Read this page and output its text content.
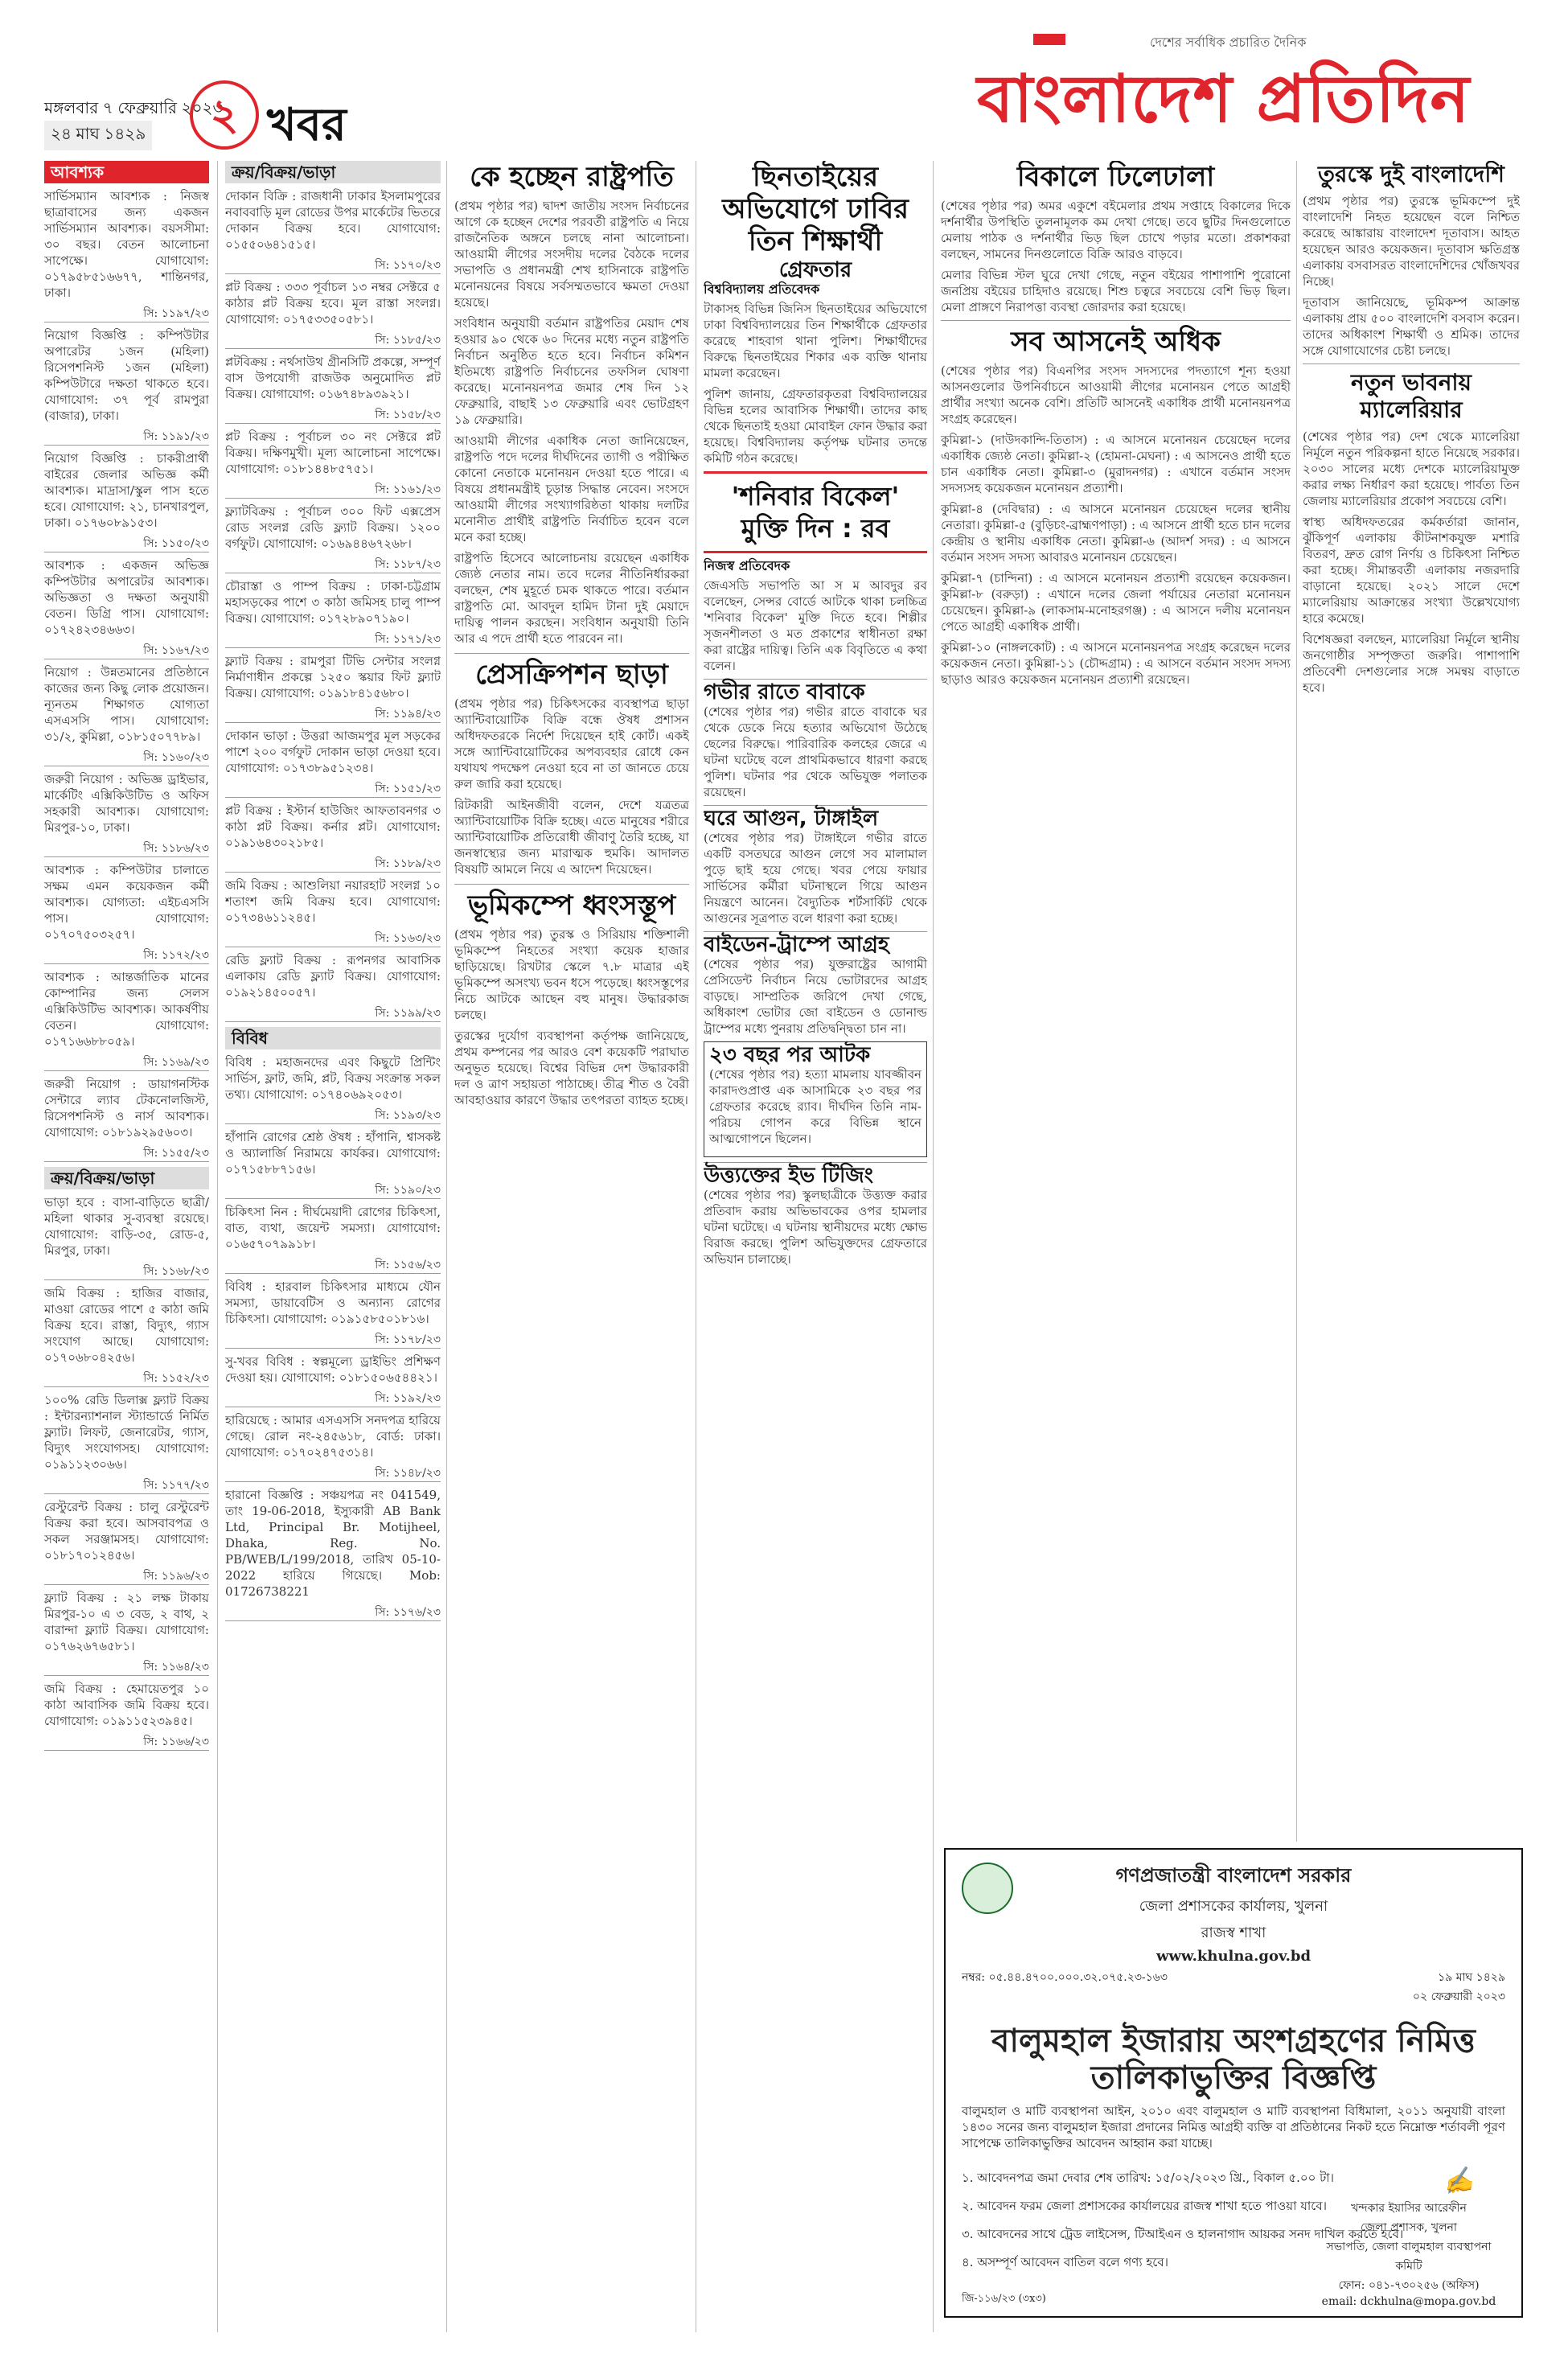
মঙ্গলবার ৭ ফেব্রুয়ারি ২০২৩
২৪ মাঘ ১৪২৯	২ খবর
দেশের সর্বাধিক প্রচারিত দৈনিক
বাংলাদেশ প্রতিদিন
আবশ্যক

সার্ভিসম্যান আবশ্যক : নিজস্ব ছাত্রাবাসের জন্য একজন সার্ভিসম্যান আবশ্যক। বয়সসীমা: ৩০ বছর। বেতন আলোচনা সাপেক্ষে। যোগাযোগ: ০১৭৯৫৮৫১৬৬৭৭, শান্তিনগর, ঢাকা।

সি: ১১৯৭/২৩

নিয়োগ বিজ্ঞপ্তি : কম্পিউটার অপারেটর ১জন (মহিলা) রিসেপশনিস্ট ১জন (মহিলা) কম্পিউটারে দক্ষতা থাকতে হবে। যোগাযোগ: ৩৭ পূর্ব রামপুরা (বাজার), ঢাকা।

সি: ১১৯১/২৩

নিয়োগ বিজ্ঞপ্তি : চাকরীপ্রার্থী বাইরের জেলার অভিজ্ঞ কর্মী আবশ্যক। মাদ্রাসা/স্কুল পাস হতে হবে। যোগাযোগ: ২১, চানখারপুল, ঢাকা। ০১৭৬০৮৯১৫৩।

সি: ১১৫০/২৩

আবশ্যক : একজন অভিজ্ঞ কম্পিউটার অপারেটর আবশ্যক। অভিজ্ঞতা ও দক্ষতা অনুযায়ী বেতন। ডিগ্রি পাস। যোগাযোগ: ০১৭২৪২৩৪৬৬৩।

সি: ১১৬৭/২৩

নিয়োগ : উন্নতমানের প্রতিষ্ঠানে কাজের জন্য কিছু লোক প্রয়োজন। ন্যূনতম শিক্ষাগত যোগ্যতা এসএসসি পাস। যোগাযোগ: ৩১/২, কুমিল্লা, ০১৮১৫০৭৭৮৯।

সি: ১১৬০/২৩

জরুরী নিয়োগ : অভিজ্ঞ ড্রাইভার, মার্কেটিং এক্সিকিউটিভ ও অফিস সহকারী আবশ্যক। যোগাযোগ: মিরপুর-১০, ঢাকা।

সি: ১১৮৬/২৩

আবশ্যক : কম্পিউটার চালাতে সক্ষম এমন কয়েকজন কর্মী আবশ্যক। যোগ্যতা: এইচএসসি পাস। যোগাযোগ: ০১৭০৭৫০৩২৫৭।

সি: ১১৭২/২৩

আবশ্যক : আন্তর্জাতিক মানের কোম্পানির জন্য সেলস এক্সিকিউটিভ আবশ্যক। আকর্ষণীয় বেতন। যোগাযোগ: ০১৭১৬৬৮৮০৫৯।

সি: ১১৬৯/২৩

জরুরী নিয়োগ : ডায়াগনস্টিক সেন্টারে ল্যাব টেকনোলজিস্ট, রিসেপশনিস্ট ও নার্স আবশ্যক। যোগাযোগ: ০১৮১৯২৯৫৬০৩।

সি: ১১৫৫/২৩
ক্রয়/বিক্রয়/ভাড়া

ভাড়া হবে : বাসা-বাড়িতে ছাত্রী/মহিলা থাকার সু-ব্যবস্থা রয়েছে। যোগাযোগ: বাড়ি-৩৫, রোড-৫, মিরপুর, ঢাকা।

সি: ১১৬৮/২৩

জমি বিক্রয় : হাজির বাজার, মাওয়া রোডের পাশে ৫ কাঠা জমি বিক্রয় হবে। রাস্তা, বিদ্যুৎ, গ্যাস সংযোগ আছে। যোগাযোগ: ০১৭০৬৮০৪২৫৬।

সি: ১১৫২/২৩

১০০% রেডি ডিলাক্স ফ্ল্যাট বিক্রয় : ইন্টারন্যাশনাল স্ট্যান্ডার্ডে নির্মিত ফ্ল্যাট। লিফট, জেনারেটর, গ্যাস, বিদ্যুৎ সংযোগসহ। যোগাযোগ: ০১৯১১২৩০৬৬।

সি: ১১৭৭/২৩

রেস্টুরেন্ট বিক্রয় : চালু রেস্টুরেন্ট বিক্রয় করা হবে। আসবাবপত্র ও সকল সরঞ্জামসহ। যোগাযোগ: ০১৮১৭০১২৪৫৬।

সি: ১১৯৬/২৩

ফ্ল্যাট বিক্রয় : ২১ লক্ষ টাকায় মিরপুর-১০ এ ৩ বেড, ২ বাথ, ২ বারান্দা ফ্ল্যাট বিক্রয়। যোগাযোগ: ০১৭৬২৬৭৬৫৮১।

সি: ১১৬৪/২৩

জমি বিক্রয় : হেমায়েতপুর ১০ কাঠা আবাসিক জমি বিক্রয় হবে। যোগাযোগ: ০১৯১১৫২৩৯৪৫।

সি: ১১৬৬/২৩
ক্রয়/বিক্রয়/ভাড়া

দোকান বিক্রি : রাজধানী ঢাকার ইসলামপুরের নবাববাড়ি মূল রোডের উপর মার্কেটের ভিতরে দোকান বিক্রয় হবে। যোগাযোগ: ০১৫৫০৬৪১৫১৫।

সি: ১১৭০/২৩

প্লট বিক্রয় : ৩৩৩ পূর্বাচল ১৩ নম্বর সেক্টরে ৫ কাঠার প্লট বিক্রয় হবে। মূল রাস্তা সংলগ্ন। যোগাযোগ: ০১৭৫৩৩৫০৫৮১।

সি: ১১৮৫/২৩

প্লটবিক্রয় : নর্থসাউথ গ্রীনসিটি প্রকল্পে, সম্পূর্ণ বাস উপযোগী রাজউক অনুমোদিত প্লট বিক্রয়। যোগাযোগ: ০১৬৭৪৮৯৩৯২১।

সি: ১১৫৮/২৩

প্লট বিক্রয় : পূর্বাচল ৩০ নং সেক্টরে প্লট বিক্রয়। দক্ষিণমুখী। মূল্য আলোচনা সাপেক্ষে। যোগাযোগ: ০১৮১৪৪৮৫৭৫১।

সি: ১১৬১/২৩

ফ্ল্যাটবিক্রয় : পূর্বাচল ৩০০ ফিট এক্সপ্রেস রোড সংলগ্ন রেডি ফ্ল্যাট বিক্রয়। ১২০০ বর্গফুট। যোগাযোগ: ০১৬৯৪৪৬৭২৬৮।

সি: ১১৮৭/২৩

চৌরাস্তা ও পাম্প বিক্রয় : ঢাকা-চট্টগ্রাম মহাসড়কের পাশে ৩ কাঠা জমিসহ চালু পাম্প বিক্রয়। যোগাযোগ: ০১৭২৮৯০৭১৯০।

সি: ১১৭১/২৩

ফ্ল্যাট বিক্রয় : রামপুরা টিভি সেন্টার সংলগ্ন নির্মাণাধীন প্রকল্পে ১২৫০ স্কয়ার ফিট ফ্ল্যাট বিক্রয়। যোগাযোগ: ০১৯১৮৪১৫৬৮০।

সি: ১১৯৪/২৩

দোকান ভাড়া : উত্তরা আজমপুর মূল সড়কের পাশে ২০০ বর্গফুট দোকান ভাড়া দেওয়া হবে। যোগাযোগ: ০১৭৩৮৯৫১২৩৪।

সি: ১১৫১/২৩

প্লট বিক্রয় : ইস্টার্ন হাউজিং আফতাবনগর ৩ কাঠা প্লট বিক্রয়। কর্নার প্লট। যোগাযোগ: ০১৯১৬৪৩০২১৮৫।

সি: ১১৮৯/২৩

জমি বিক্রয় : আশুলিয়া নয়ারহাট সংলগ্ন ১০ শতাংশ জমি বিক্রয় হবে। যোগাযোগ: ০১৭৩৪৬১১২৪৫।

সি: ১১৬৩/২৩

রেডি ফ্ল্যাট বিক্রয় : রূপনগর আবাসিক এলাকায় রেডি ফ্ল্যাট বিক্রয়। যোগাযোগ: ০১৯২১৪৫০০৫৭।

সি: ১১৯৯/২৩
বিবিধ

বিবিধ : মহাজনদের এবং কিছুটে প্রিন্টিং সার্ভিস, ফ্লাট, জমি, প্লট, বিক্রয় সংক্রান্ত সকল তথ্য। যোগাযোগ: ০১৭৪০৬৯২০৫৩।

সি: ১১৯৩/২৩

হাঁপানি রোগের শ্রেষ্ঠ ঔষধ : হাঁপানি, শ্বাসকষ্ট ও অ্যালার্জি নিরাময়ে কার্যকর। যোগাযোগ: ০১৭১৫৮৮৭১৫৬।

সি: ১১৯০/২৩

চিকিৎসা নিন : দীর্ঘমেয়াদী রোগের চিকিৎসা, বাত, ব্যথা, জয়েন্ট সমস্যা। যোগাযোগ: ০১৬৫৭০৭৯৯১৮।

সি: ১১৫৬/২৩

বিবিধ : হারবাল চিকিৎসার মাধ্যমে যৌন সমস্যা, ডায়াবেটিস ও অন্যান্য রোগের চিকিৎসা। যোগাযোগ: ০১৯১৫৮৫০১৮১৬।

সি: ১১৭৮/২৩

সু-খবর বিবিধ : স্বল্পমূল্যে ড্রাইভিং প্রশিক্ষণ দেওয়া হয়। যোগাযোগ: ০১৮১৫০৬৫৪৪২১।

সি: ১১৯২/২৩

হারিয়েছে : আমার এসএসসি সনদপত্র হারিয়ে গেছে। রোল নং-২৪৫৬১৮, বোর্ড: ঢাকা। যোগাযোগ: ০১৭০২৪৭৫৩১৪।

সি: ১১৪৮/২৩

হারানো বিজ্ঞপ্তি : সঞ্চয়পত্র নং 041549, তাং 19-06-2018, ইস্যুকারী AB Bank Ltd, Principal Br. Motijheel, Dhaka, Reg. No. PB/WEB/L/199/2018, তারিখ 05-10-2022 হারিয়ে গিয়েছে। Mob: 01726738221

সি: ১১৭৬/২৩
কে হচ্ছেন রাষ্ট্রপতি

(প্রথম পৃষ্ঠার পর) দ্বাদশ জাতীয় সংসদ নির্বাচনের আগে কে হচ্ছেন দেশের পরবর্তী রাষ্ট্রপতি এ নিয়ে রাজনৈতিক অঙ্গনে চলছে নানা আলোচনা। আওয়ামী লীগের সংসদীয় দলের বৈঠকে দলের সভাপতি ও প্রধানমন্ত্রী শেখ হাসিনাকে রাষ্ট্রপতি মনোনয়নের বিষয়ে সর্বসম্মতভাবে ক্ষমতা দেওয়া হয়েছে।

সংবিধান অনুযায়ী বর্তমান রাষ্ট্রপতির মেয়াদ শেষ হওয়ার ৯০ থেকে ৬০ দিনের মধ্যে নতুন রাষ্ট্রপতি নির্বাচন অনুষ্ঠিত হতে হবে। নির্বাচন কমিশন ইতিমধ্যে রাষ্ট্রপতি নির্বাচনের তফসিল ঘোষণা করেছে। মনোনয়নপত্র জমার শেষ দিন ১২ ফেব্রুয়ারি, বাছাই ১৩ ফেব্রুয়ারি এবং ভোটগ্রহণ ১৯ ফেব্রুয়ারি।

আওয়ামী লীগের একাধিক নেতা জানিয়েছেন, রাষ্ট্রপতি পদে দলের দীর্ঘদিনের ত্যাগী ও পরীক্ষিত কোনো নেতাকে মনোনয়ন দেওয়া হতে পারে। এ বিষয়ে প্রধানমন্ত্রীই চূড়ান্ত সিদ্ধান্ত নেবেন। সংসদে আওয়ামী লীগের সংখ্যাগরিষ্ঠতা থাকায় দলটির মনোনীত প্রার্থীই রাষ্ট্রপতি নির্বাচিত হবেন বলে মনে করা হচ্ছে।

রাষ্ট্রপতি হিসেবে আলোচনায় রয়েছেন একাধিক জ্যেষ্ঠ নেতার নাম। তবে দলের নীতিনির্ধারকরা বলছেন, শেষ মুহূর্তে চমক থাকতে পারে। বর্তমান রাষ্ট্রপতি মো. আবদুল হামিদ টানা দুই মেয়াদে দায়িত্ব পালন করছেন। সংবিধান অনুযায়ী তিনি আর এ পদে প্রার্থী হতে পারবেন না।

প্রেসক্রিপশন ছাড়া

(প্রথম পৃষ্ঠার পর) চিকিৎসকের ব্যবস্থাপত্র ছাড়া অ্যান্টিবায়োটিক বিক্রি বন্ধে ঔষধ প্রশাসন অধিদফতরকে নির্দেশ দিয়েছেন হাই কোর্ট। একই সঙ্গে অ্যান্টিবায়োটিকের অপব্যবহার রোধে কেন যথাযথ পদক্ষেপ নেওয়া হবে না তা জানতে চেয়ে রুল জারি করা হয়েছে।

রিটকারী আইনজীবী বলেন, দেশে যত্রতত্র অ্যান্টিবায়োটিক বিক্রি হচ্ছে। এতে মানুষের শরীরে অ্যান্টিবায়োটিক প্রতিরোধী জীবাণু তৈরি হচ্ছে, যা জনস্বাস্থ্যের জন্য মারাত্মক হুমকি। আদালত বিষয়টি আমলে নিয়ে এ আদেশ দিয়েছেন।

ভূমিকম্পে ধ্বংসস্তূপ

(প্রথম পৃষ্ঠার পর) তুরস্ক ও সিরিয়ায় শক্তিশালী ভূমিকম্পে নিহতের সংখ্যা কয়েক হাজার ছাড়িয়েছে। রিখটার স্কেলে ৭.৮ মাত্রার এই ভূমিকম্পে অসংখ্য ভবন ধসে পড়েছে। ধ্বংসস্তূপের নিচে আটকে আছেন বহু মানুষ। উদ্ধারকাজ চলছে।

তুরস্কের দুর্যোগ ব্যবস্থাপনা কর্তৃপক্ষ জানিয়েছে, প্রথম কম্পনের পর আরও বেশ কয়েকটি পরাঘাত অনুভূত হয়েছে। বিশ্বের বিভিন্ন দেশ উদ্ধারকারী দল ও ত্রাণ সহায়তা পাঠাচ্ছে। তীব্র শীত ও বৈরী আবহাওয়ার কারণে উদ্ধার তৎপরতা ব্যাহত হচ্ছে।

ছিনতাইয়ের অভিযোগে ঢাবির তিন শিক্ষার্থী
গ্রেফতার
বিশ্ববিদ্যালয় প্রতিবেদক

টাকাসহ বিভিন্ন জিনিস ছিনতাইয়ের অভিযোগে ঢাকা বিশ্ববিদ্যালয়ের তিন শিক্ষার্থীকে গ্রেফতার করেছে শাহবাগ থানা পুলিশ। শিক্ষার্থীদের বিরুদ্ধে ছিনতাইয়ের শিকার এক ব্যক্তি থানায় মামলা করেছেন।

পুলিশ জানায়, গ্রেফতারকৃতরা বিশ্ববিদ্যালয়ের বিভিন্ন হলের আবাসিক শিক্ষার্থী। তাদের কাছ থেকে ছিনতাই হওয়া মোবাইল ফোন উদ্ধার করা হয়েছে। বিশ্ববিদ্যালয় কর্তৃপক্ষ ঘটনার তদন্তে কমিটি গঠন করেছে।

'শনিবার বিকেল' মুক্তি দিন : রব
নিজস্ব প্রতিবেদক

জেএসডি সভাপতি আ স ম আবদুর রব বলেছেন, সেন্সর বোর্ডে আটকে থাকা চলচ্চিত্র 'শনিবার বিকেল' মুক্তি দিতে হবে। শিল্পীর সৃজনশীলতা ও মত প্রকাশের স্বাধীনতা রক্ষা করা রাষ্ট্রের দায়িত্ব। তিনি এক বিবৃতিতে এ কথা বলেন।

গভীর রাতে বাবাকে

(শেষের পৃষ্ঠার পর) গভীর রাতে বাবাকে ঘর থেকে ডেকে নিয়ে হত্যার অভিযোগ উঠেছে ছেলের বিরুদ্ধে। পারিবারিক কলহের জেরে এ ঘটনা ঘটেছে বলে প্রাথমিকভাবে ধারণা করছে পুলিশ। ঘটনার পর থেকে অভিযুক্ত পলাতক রয়েছেন।

ঘরে আগুন, টাঙ্গাইল

(শেষের পৃষ্ঠার পর) টাঙ্গাইলে গভীর রাতে একটি বসতঘরে আগুন লেগে সব মালামাল পুড়ে ছাই হয়ে গেছে। খবর পেয়ে ফায়ার সার্ভিসের কর্মীরা ঘটনাস্থলে গিয়ে আগুন নিয়ন্ত্রণে আনেন। বৈদ্যুতিক শর্টসার্কিট থেকে আগুনের সূত্রপাত বলে ধারণা করা হচ্ছে।

বাইডেন-ট্রাম্পে আগ্রহ

(শেষের পৃষ্ঠার পর) যুক্তরাষ্ট্রের আগামী প্রেসিডেন্ট নির্বাচন নিয়ে ভোটারদের আগ্রহ বাড়ছে। সাম্প্রতিক জরিপে দেখা গেছে, অধিকাংশ ভোটার জো বাইডেন ও ডোনাল্ড ট্রাম্পের মধ্যে পুনরায় প্রতিদ্বন্দ্বিতা চান না।

২৩ বছর পর আটক

(শেষের পৃষ্ঠার পর) হত্যা মামলায় যাবজ্জীবন কারাদণ্ডপ্রাপ্ত এক আসামিকে ২৩ বছর পর গ্রেফতার করেছে র‍্যাব। দীর্ঘদিন তিনি নাম-পরিচয় গোপন করে বিভিন্ন স্থানে আত্মগোপনে ছিলেন।

উত্ত্যক্তের ইভ টিজিং

(শেষের পৃষ্ঠার পর) স্কুলছাত্রীকে উত্ত্যক্ত করার প্রতিবাদ করায় অভিভাবকের ওপর হামলার ঘটনা ঘটেছে। এ ঘটনায় স্থানীয়দের মধ্যে ক্ষোভ বিরাজ করছে। পুলিশ অভিযুক্তদের গ্রেফতারে অভিযান চালাচ্ছে।

বিকালে ঢিলেঢালা

(শেষের পৃষ্ঠার পর) অমর একুশে বইমেলার প্রথম সপ্তাহে বিকালের দিকে দর্শনার্থীর উপস্থিতি তুলনামূলক কম দেখা গেছে। তবে ছুটির দিনগুলোতে মেলায় পাঠক ও দর্শনার্থীর ভিড় ছিল চোখে পড়ার মতো। প্রকাশকরা বলছেন, সামনের দিনগুলোতে বিক্রি আরও বাড়বে।

মেলার বিভিন্ন স্টল ঘুরে দেখা গেছে, নতুন বইয়ের পাশাপাশি পুরোনো জনপ্রিয় বইয়ের চাহিদাও রয়েছে। শিশু চত্বরে সবচেয়ে বেশি ভিড় ছিল। মেলা প্রাঙ্গণে নিরাপত্তা ব্যবস্থা জোরদার করা হয়েছে।

সব আসনেই অধিক

(শেষের পৃষ্ঠার পর) বিএনপির সংসদ সদস্যদের পদত্যাগে শূন্য হওয়া আসনগুলোর উপনির্বাচনে আওয়ামী লীগের মনোনয়ন পেতে আগ্রহী প্রার্থীর সংখ্যা অনেক বেশি। প্রতিটি আসনেই একাধিক প্রার্থী মনোনয়নপত্র সংগ্রহ করেছেন।

কুমিল্লা-১ (দাউদকান্দি-তিতাস) : এ আসনে মনোনয়ন চেয়েছেন দলের একাধিক জ্যেষ্ঠ নেতা। কুমিল্লা-২ (হোমনা-মেঘনা) : এ আসনেও প্রার্থী হতে চান একাধিক নেতা। কুমিল্লা-৩ (মুরাদনগর) : এখানে বর্তমান সংসদ সদস্যসহ কয়েকজন মনোনয়ন প্রত্যাশী।

কুমিল্লা-৪ (দেবিদ্বার) : এ আসনে মনোনয়ন চেয়েছেন দলের স্থানীয় নেতারা। কুমিল্লা-৫ (বুড়িচং-ব্রাহ্মণপাড়া) : এ আসনে প্রার্থী হতে চান দলের কেন্দ্রীয় ও স্থানীয় একাধিক নেতা। কুমিল্লা-৬ (আদর্শ সদর) : এ আসনে বর্তমান সংসদ সদস্য আবারও মনোনয়ন চেয়েছেন।

কুমিল্লা-৭ (চান্দিনা) : এ আসনে মনোনয়ন প্রত্যাশী রয়েছেন কয়েকজন। কুমিল্লা-৮ (বরুড়া) : এখানে দলের জেলা পর্যায়ের নেতারা মনোনয়ন চেয়েছেন। কুমিল্লা-৯ (লাকসাম-মনোহরগঞ্জ) : এ আসনে দলীয় মনোনয়ন পেতে আগ্রহী একাধিক প্রার্থী।

কুমিল্লা-১০ (নাঙ্গলকোট) : এ আসনে মনোনয়নপত্র সংগ্রহ করেছেন দলের কয়েকজন নেতা। কুমিল্লা-১১ (চৌদ্দগ্রাম) : এ আসনে বর্তমান সংসদ সদস্য ছাড়াও আরও কয়েকজন মনোনয়ন প্রত্যাশী রয়েছেন।

তুরস্কে দুই বাংলাদেশি

(প্রথম পৃষ্ঠার পর) তুরস্কে ভূমিকম্পে দুই বাংলাদেশি নিহত হয়েছেন বলে নিশ্চিত করেছে আঙ্কারায় বাংলাদেশ দূতাবাস। আহত হয়েছেন আরও কয়েকজন। দূতাবাস ক্ষতিগ্রস্ত এলাকায় বসবাসরত বাংলাদেশিদের খোঁজখবর নিচ্ছে।

দূতাবাস জানিয়েছে, ভূমিকম্প আক্রান্ত এলাকায় প্রায় ৫০০ বাংলাদেশি বসবাস করেন। তাদের অধিকাংশ শিক্ষার্থী ও শ্রমিক। তাদের সঙ্গে যোগাযোগের চেষ্টা চলছে।

নতুন ভাবনায় ম্যালেরিয়ার

(শেষের পৃষ্ঠার পর) দেশ থেকে ম্যালেরিয়া নির্মূলে নতুন পরিকল্পনা হাতে নিয়েছে সরকার। ২০৩০ সালের মধ্যে দেশকে ম্যালেরিয়ামুক্ত করার লক্ষ্য নির্ধারণ করা হয়েছে। পার্বত্য তিন জেলায় ম্যালেরিয়ার প্রকোপ সবচেয়ে বেশি।

স্বাস্থ্য অধিদফতরের কর্মকর্তারা জানান, ঝুঁকিপূর্ণ এলাকায় কীটনাশকযুক্ত মশারি বিতরণ, দ্রুত রোগ নির্ণয় ও চিকিৎসা নিশ্চিত করা হচ্ছে। সীমান্তবর্তী এলাকায় নজরদারি বাড়ানো হয়েছে। ২০২১ সালে দেশে ম্যালেরিয়ায় আক্রান্তের সংখ্যা উল্লেখযোগ্য হারে কমেছে।

বিশেষজ্ঞরা বলছেন, ম্যালেরিয়া নির্মূলে স্থানীয় জনগোষ্ঠীর সম্পৃক্ততা জরুরি। পাশাপাশি প্রতিবেশী দেশগুলোর সঙ্গে সমন্বয় বাড়াতে হবে।

গণপ্রজাতন্ত্রী বাংলাদেশ সরকার
জেলা প্রশাসকের কার্যালয়, খুলনা
রাজস্ব শাখা
www.khulna.gov.bd
নম্বর: ০৫.৪৪.৪৭০০.০০০.৩২.০৭৫.২৩-১৬৩	১৯ মাঘ ১৪২৯
০২ ফেব্রুয়ারী ২০২৩
বালুমহাল ইজারায় অংশগ্রহণের নিমিত্ত তালিকাভুক্তির বিজ্ঞপ্তি
বালুমহাল ও মাটি ব্যবস্থাপনা আইন, ২০১০ এবং বালুমহাল ও মাটি ব্যবস্থাপনা বিধিমালা, ২০১১ অনুযায়ী বাংলা ১৪৩০ সনের জন্য বালুমহাল ইজারা প্রদানের নিমিত্ত আগ্রহী ব্যক্তি বা প্রতিষ্ঠানের নিকট হতে নিম্নোক্ত শর্তাবলী পূরণ সাপেক্ষে তালিকাভুক্তির আবেদন আহ্বান করা যাচ্ছে।

১. আবেদনপত্র জমা দেবার শেষ তারিখ: ১৫/০২/২০২৩ খ্রি., বিকাল ৫.০০ টা।

২. আবেদন ফরম জেলা প্রশাসকের কার্যালয়ের রাজস্ব শাখা হতে পাওয়া যাবে।

৩. আবেদনের সাথে ট্রেড লাইসেন্স, টিআইএন ও হালনাগাদ আয়কর সনদ দাখিল করতে হবে।

৪. অসম্পূর্ণ আবেদন বাতিল বলে গণ্য হবে।

✍
খন্দকার ইয়াসির আরেফীন
জেলা প্রশাসক, খুলনা
সভাপতি, জেলা বালুমহাল ব্যবস্থাপনা কমিটি
ফোন: ০৪১-৭৩০২৫৬ (অফিস)
email: dckhulna@mopa.gov.bd
জি-১১৬/২৩ (৩x৩)
